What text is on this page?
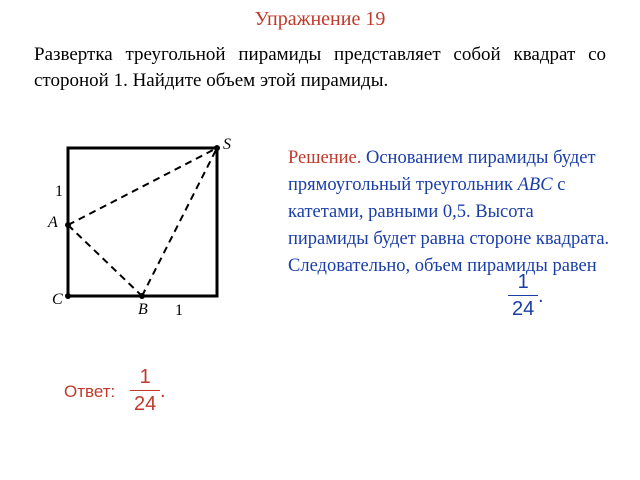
Упражнение 19
Развертка треугольной пирамиды представляет собой квадрат со стороной 1. Найдите объем этой пирамиды.
S
A
C
B
1
1
Решение. Основанием пирамиды будет прямоугольный треугольник ABC с катетами, равными 0,5. Высота пирамиды будет равна стороне квадрата. Следовательно, объем пирамиды равен
$\frac{1}{24}$ .
Ответ:
1
24
.
